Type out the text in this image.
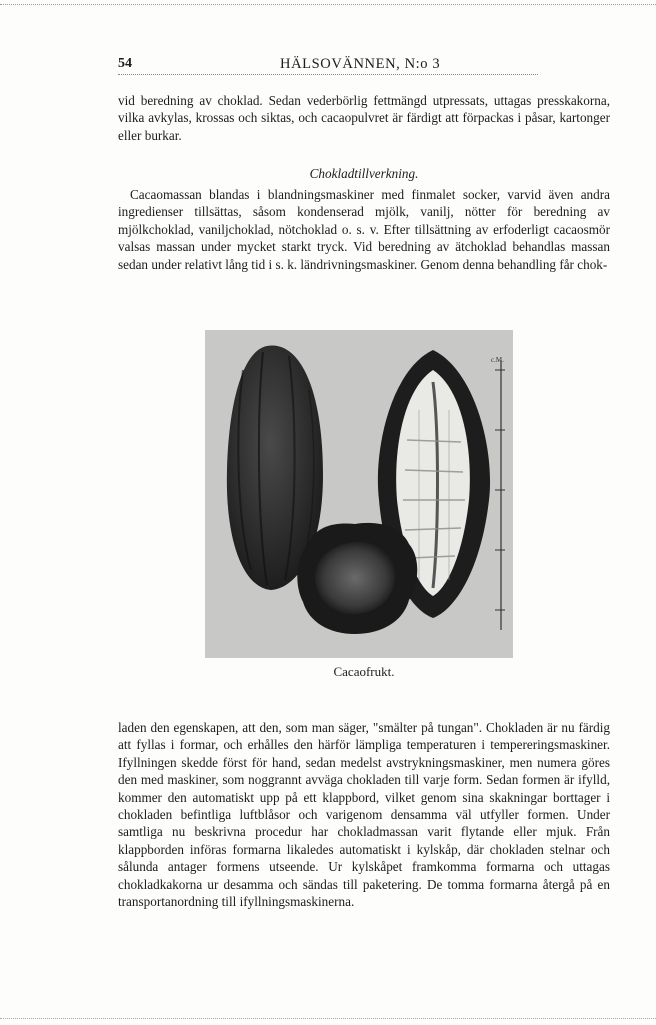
54	HÄLSOVÄNNEN, N:o 3

vid beredning av choklad. Sedan vederbörlig fettmängd utpressats, uttagas presskakorna, vilka avkylas, krossas och siktas, och cacaopulvret är färdigt att förpackas i påsar, kartonger eller burkar.

Chokladtillverkning.

Cacaomassan blandas i blandningsmaskiner med finmalet socker, varvid även andra ingredienser tillsättas, såsom kondenserad mjölk, vanilj, nötter för beredning av mjölkchoklad, vaniljchoklad, nötchoklad o. s. v. Efter tillsättning av erfoderligt cacaosmör valsas massan under mycket starkt tryck. Vid beredning av ätchoklad behandlas massan sedan under relativt lång tid i s. k. ländrivningsmaskiner. Genom denna behandling får chok-

c.M.

Cacaofrukt.

laden den egenskapen, att den, som man säger, "smälter på tungan". Chokladen är nu färdig att fyllas i formar, och erhålles den härför lämpliga temperaturen i tempereringsmaskiner. Ifyllningen skedde först för hand, sedan medelst avstrykningsmaskiner, men numera göres den med maskiner, som noggrannt avväga chokladen till varje form. Sedan formen är ifylld, kommer den automatiskt upp på ett klappbord, vilket genom sina skakningar borttager i chokladen befintliga luftblåsor och varigenom densamma väl utfyller formen. Under samtliga nu beskrivna procedur har chokladmassan varit flytande eller mjuk. Från klappborden införas formarna likaledes automatiskt i kylskåp, där chokladen stelnar och sålunda antager formens utseende. Ur kylskåpet framkomma formarna och uttagas chokladkakorna ur desamma och sändas till paketering. De tomma formarna återgå på en transportanordning till ifyllningsmaskinerna.
